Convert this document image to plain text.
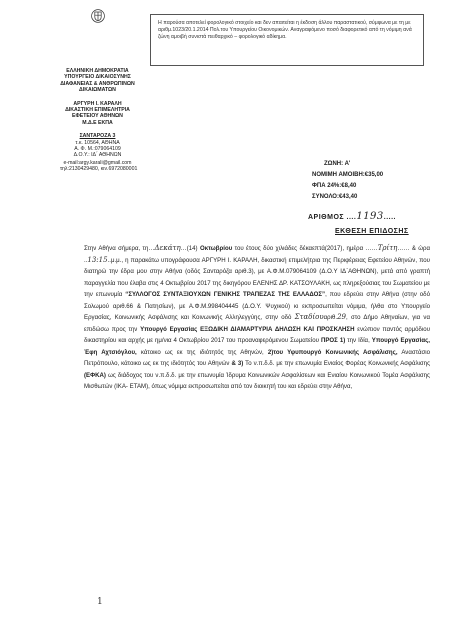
ΕΛΛΗΝΙΚΗ ΔΗΜΟΚΡΑΤΙΑ
ΥΠΟΥΡΓΕΙΟ ΔΙΚΑΙΟΣΥΝΗΣ
ΔΙΑΦΑΝΕΙΑΣ & ΑΝΘΡΩΠΙΝΩΝ
ΔΙΚΑΙΩΜΑΤΩΝ
ΑΡΓΥΡΗ Ι. ΚΑΡΑΛΗ
ΔΙΚΑΣΤΙΚΗ ΕΠΙΜΕΛΗΤΡΙΑ
ΕΦΕΤΕΙΟΥ ΑΘΗΝΩΝ
Μ.Δ.Ε ΕΚΠΑ
ΣΑΝΤΑΡΟΖΑ 3
τ.κ. 10564, ΑΘΗΝΑ
Α. Φ. Μ.:079064109
Δ.Ο.Υ.: ΙΔ΄ ΑΘΗΝΩΝ
e-mail:argy.karali@gmail.com
τηλ:2130429480, κιν.6972080001
Η παρούσα αποτελεί φορολογικό στοιχείο και δεν απαιτείται η έκδοση άλλου παραστατικού, σύμφωνα με τη με αριθμ.1023/20.1.2014 Πολ.του Υπουργείου Οικονομικών. Αναγραφόμενο ποσό διαφορετικό από τη νόμιμη ανά ζώνη αμοιβή συνιστά πειθαρχικό – φορολογικό αδίκημα.
ΖΩΝΗ: Α'
ΝΟΜΙΜΗ ΑΜΟΙΒΗ:€35,00
ΦΠΑ 24%:€8,40
ΣΥΝΟΛΟ:€43,40
ΑΡΙΘΜΟΣ ....1193.....
ΕΚΘΕΣΗ ΕΠΙΔΟΣΗΣ

Στην Αθήνα σήμερα, τη…Δεκάτη…(14) Οκτωβρίου του έτους δύο χιλιάδες δέκαεπτά(2017), ημέρα ……Τρίτη…… & ώρα ..13:15..μ.μ., η παρακάτω υπογράφουσα ΑΡΓΥΡΗ Ι. ΚΑΡΑΛΗ, δικαστική επιμελήτρια της Περιφέρειας Εφετείου Αθηνών, που διατηρώ την έδρα μου στην Αθήνα (οδός Σανταρόζα αριθ.3), με Α.Φ.Μ.079064109 (Δ.Ο.Υ ΙΔ΄ΑΘΗΝΩΝ), μετά από γραπτή παραγγελία που έλαβα στις 4 Οκτωβρίου 2017 της δικηγόρου ΕΛΕΝΗΣ ΔΡ. ΚΑΤΣΟΥΛΑΚΗ, ως πληρεξούσιας του Σωματείου με την επωνυμία “ΣΥΛΛΟΓΟΣ ΣΥΝΤΑΞΙΟΥΧΩΝ ΓΕΝΙΚΗΣ ΤΡΑΠΕΖΑΣ ΤΗΣ ΕΛΛΑΔΟΣ”, που εδρεύει στην Αθήνα (στην οδό Σολωμού αριθ.66 & Πατησίων), με Α.Φ.Μ.998404445 (Δ.Ο.Υ. Ψυχικού) κι εκπροσωπείται νόμιμα, ήλθα στο Υπουργείο Εργασίας, Κοινωνικής Ασφάλισης και Κοινωνικής Αλληλεγγύης, στην οδό Σταδίουαριθ.29, στο Δήμο Αθηναίων, για να επιδώσω προς την Υπουργό Εργασίας ΕΞΩΔΙΚΗ ΔΙΑΜΑΡΤΥΡΙΑ ΔΗΛΩΣΗ ΚΑΙ ΠΡΟΣΚΛΗΣΗ ενώπιον παντός αρμόδιου δικαστηρίου και αρχής με ημ/νια 4 Οκτωβρίου 2017 του προαναφερόμενου Σωματείου ΠΡΟΣ 1) την Ιδία, Υπουργό Εργασίας, Έφη Αχτσιόγλου, κάτοικο ως εκ της ιδιότητός της Αθηνών, 2)του Υφυπουργό Κοινωνικής Ασφάλισης, Αναστάσιο Πετρόπουλο, κάτοικο ως εκ της ιδιότητός του Αθηνών & 3) Το ν.π.δ.δ. με την επωνυμία Ενιαίος Φορέας Κοινωνικής Ασφάλισης (ΕΦΚΑ) ως διάδοχος του ν.π.δ.δ. με την επωνυμία Ίδρυμα Κοινωνικών Ασφαλίσεων και Ενιαίου Κοινωνικού Τομέα Ασφάλισης Μισθωτών (ΙΚΑ- ΕΤΑΜ), όπως νόμιμα εκπροσωπείται από τον διοικητή του και εδρεύει στην Αθήνα,

1
